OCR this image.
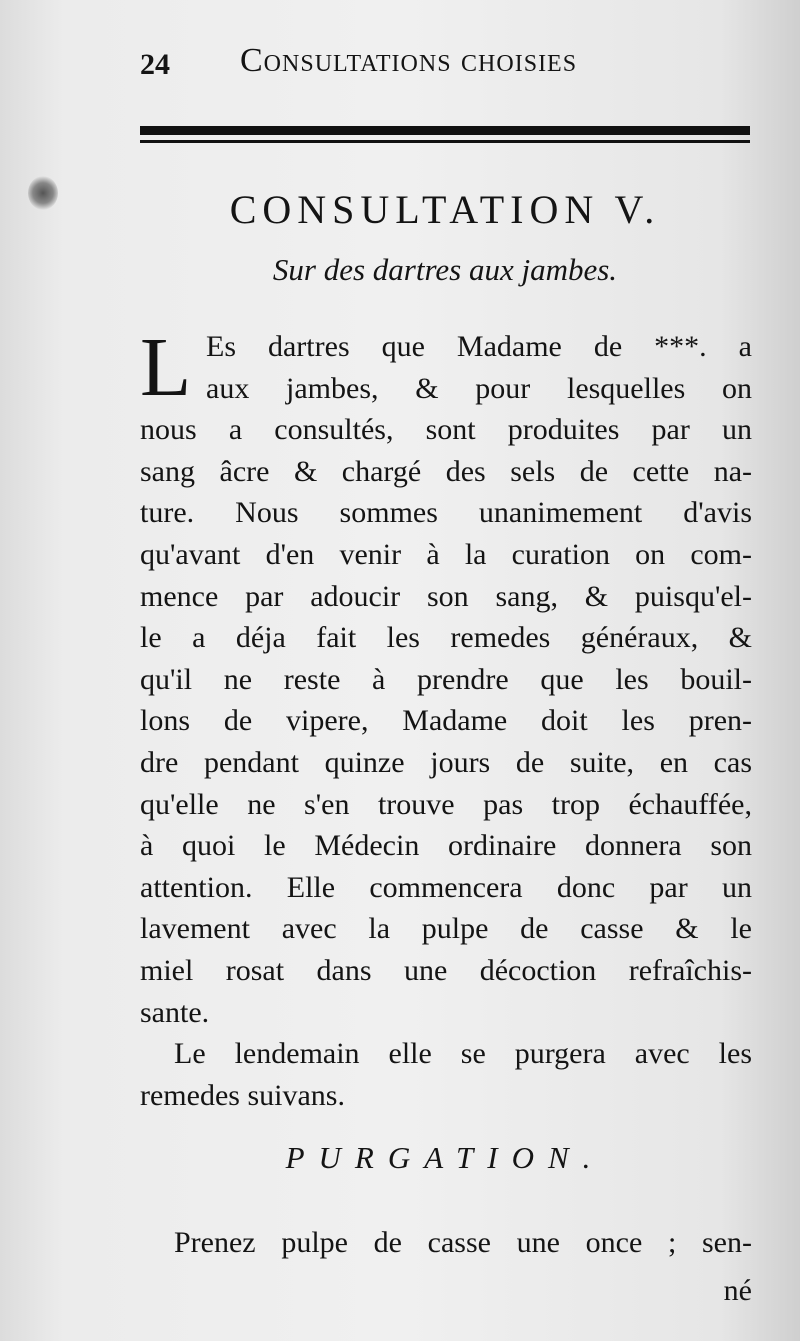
24 Consultations choisies
CONSULTATION V.
Sur des dartres aux jambes.
L Es dartres que Madame de ***. a
aux jambes, & pour lesquelles on
nous a consultés, sont produites par un
sang âcre & chargé des sels de cette na-
ture. Nous sommes unanimement d'avis
qu'avant d'en venir à la curation on com-
mence par adoucir son sang, & puisqu'el-
le a déja fait les remedes généraux, &
qu'il ne reste à prendre que les bouil-
lons de vipere, Madame doit les pren-
dre pendant quinze jours de suite, en cas
qu'elle ne s'en trouve pas trop échauffée,
à quoi le Médecin ordinaire donnera son
attention. Elle commencera donc par un
lavement avec la pulpe de casse & le
miel rosat dans une décoction refraîchis-
sante.
Le lendemain elle se purgera avec les
remedes suivans.
PURGATION.
Prenez pulpe de casse une once ; sen-
né
